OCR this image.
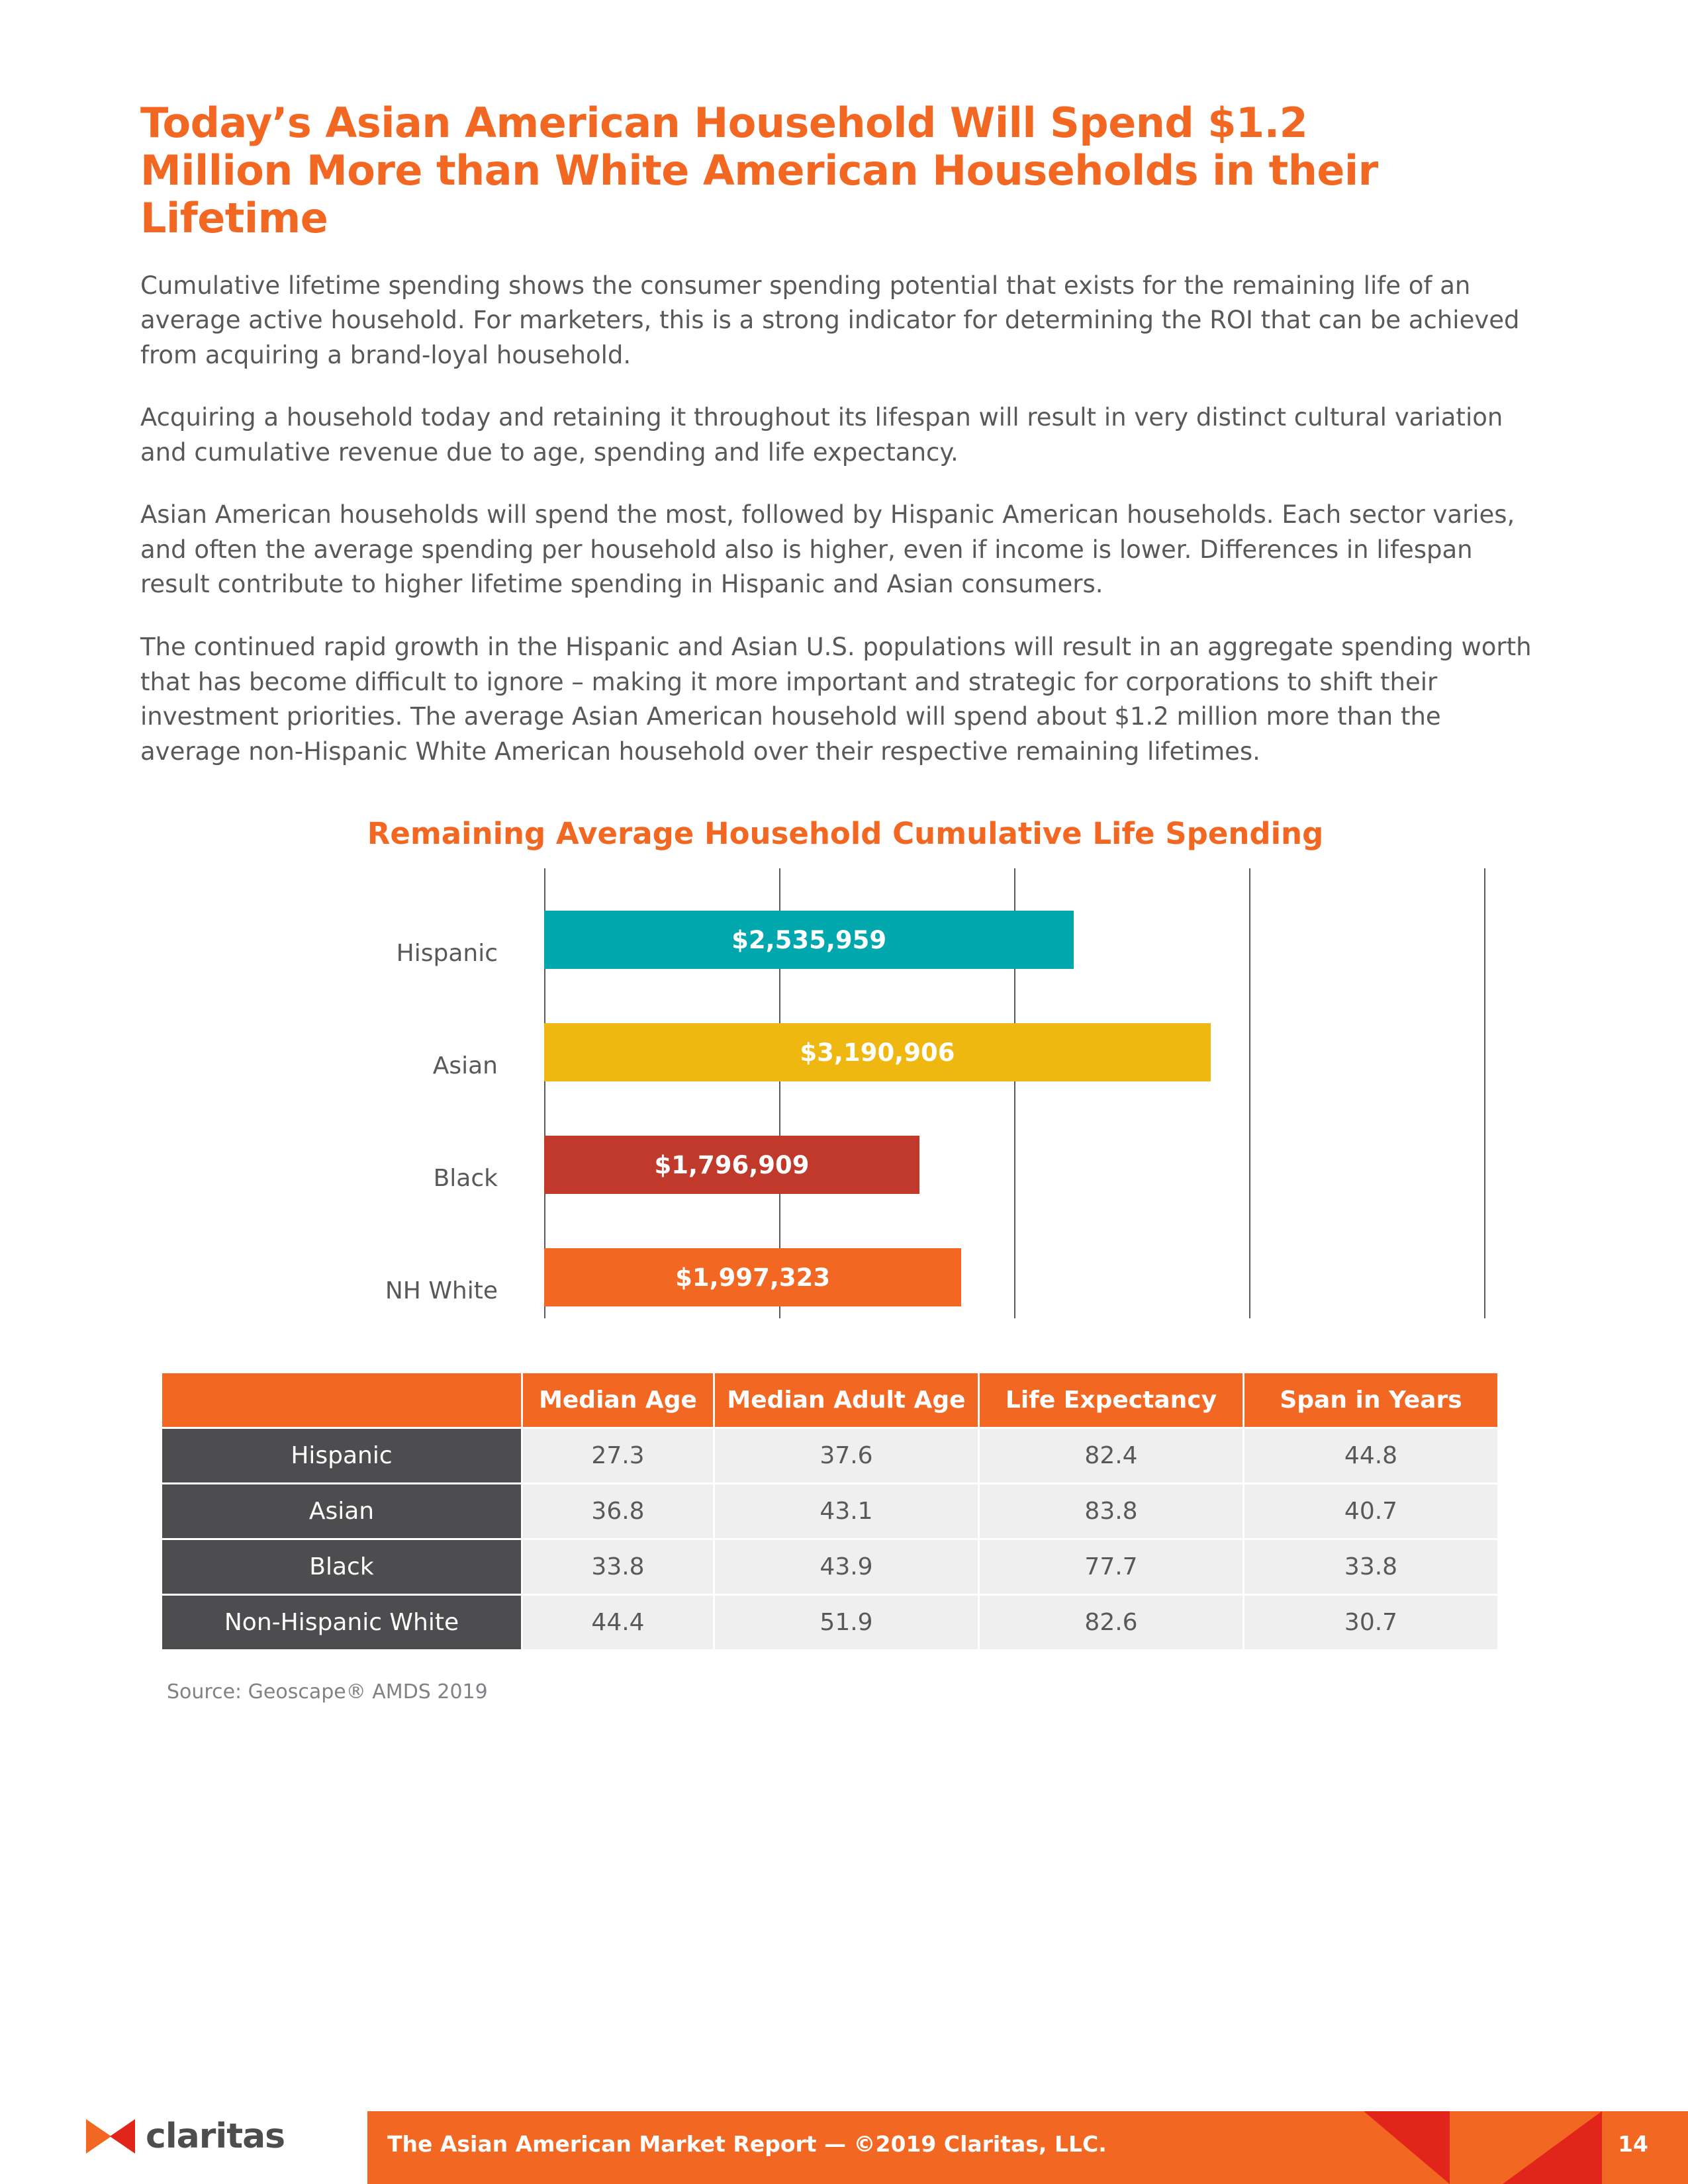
Today’s Asian American Household Will Spend $1.2 Million More than White American Households in their Lifetime

Cumulative lifetime spending shows the consumer spending potential that exists for the remaining life of an average active household. For marketers, this is a strong indicator for determining the ROI that can be achieved from acquiring a brand-loyal household.

Acquiring a household today and retaining it throughout its lifespan will result in very distinct cultural variation and cumulative revenue due to age, spending and life expectancy.

Asian American households will spend the most, followed by Hispanic American households. Each sector varies, and often the average spending per household also is higher, even if income is lower. Differences in lifespan result contribute to higher lifetime spending in Hispanic and Asian consumers.

The continued rapid growth in the Hispanic and Asian U.S. populations will result in an aggregate spending worth that has become difficult to ignore – making it more important and strategic for corporations to shift their investment priorities. The average Asian American household will spend about $1.2 million more than the average non-Hispanic White American household over their respective remaining lifetimes.

Remaining Average Household Cumulative Life Spending
Hispanic
Asian
Black
NH White
$2,535,959
$3,190,906
$1,796,909
$1,997,323
	Median Age	Median Adult Age	Life Expectancy	Span in Years
Hispanic	27.3	37.6	82.4	44.8
Asian	36.8	43.1	83.8	40.7
Black	33.8	43.9	77.7	33.8
Non-Hispanic White	44.4	51.9	82.6	30.7
Source: Geoscape® AMDS 2019
claritas	The Asian American Market Report — ©2019 Claritas, LLC.	14
